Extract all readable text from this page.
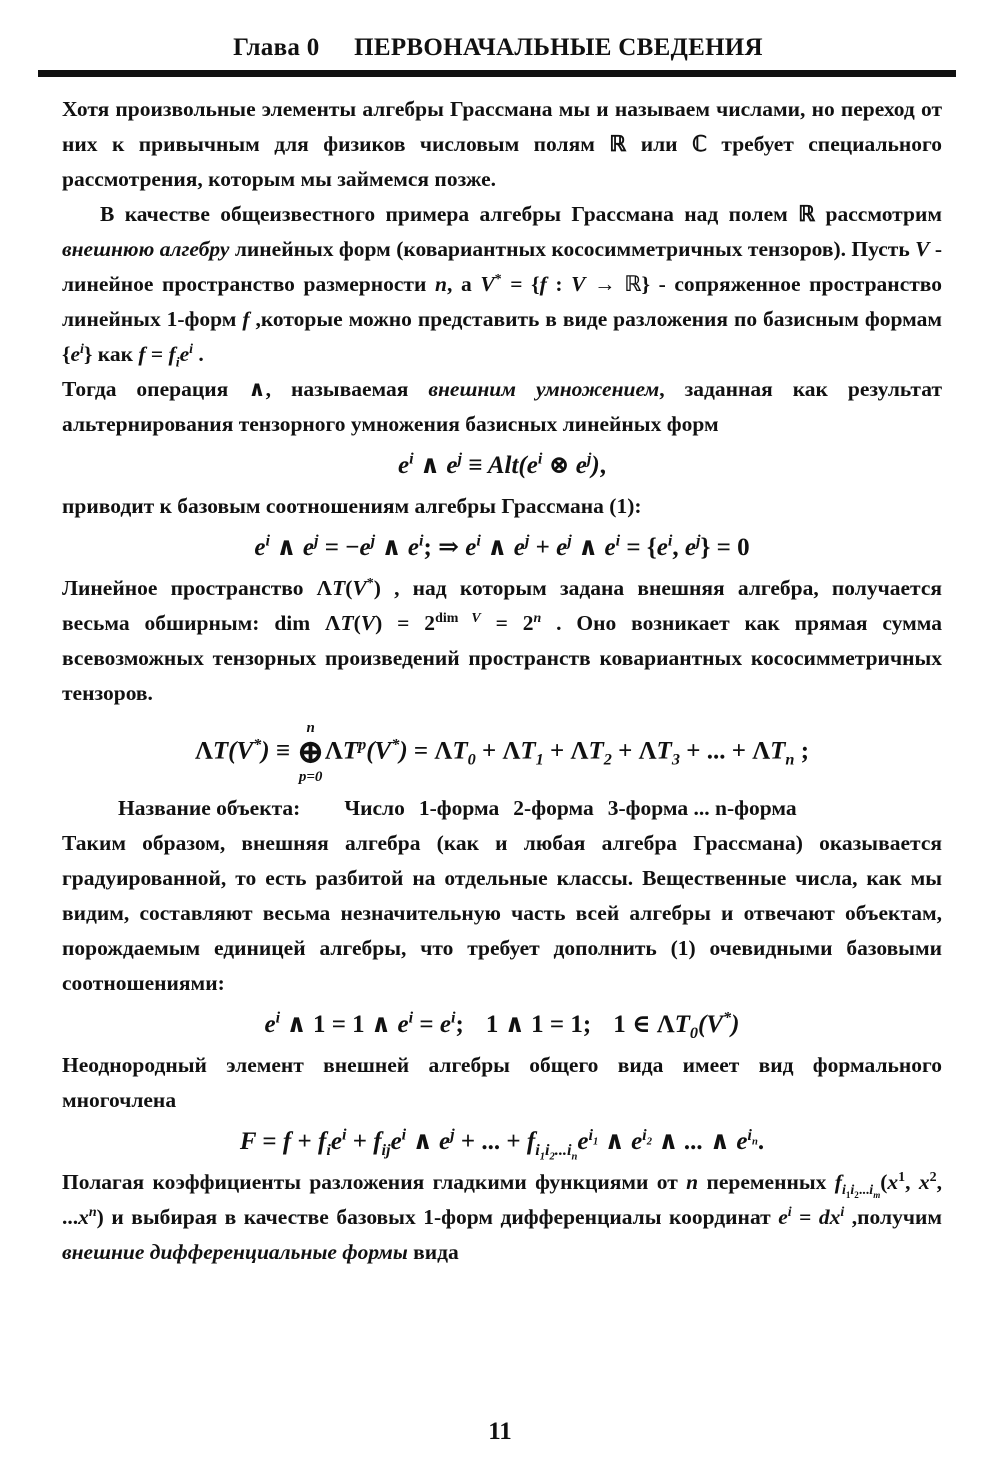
Глава 0 ПЕРВОНАЧАЛЬНЫЕ СВЕДЕНИЯ

Хотя произвольные элементы алгебры Грассмана мы и называем числами, но переход от них к привычным для физиков числовым полям ℝ или ℂ требует специального рассмотрения, которым мы займемся позже.

В качестве общеизвестного примера алгебры Грассмана над полем ℝ рассмотрим внешнюю алгебру линейных форм (ковариантных кососимметричных тензоров). Пусть V - линейное пространство размерности n, а V* = {f : V → ℝ} - сопряженное пространство линейных 1-форм f ,которые можно представить в виде разложения по базисным формам $\{e^i\}$ как $f = f_ie^i$ .

Тогда операция ∧, называемая внешним умножением, заданная как результат альтернирования тензорного умножения базисных линейных форм

$e^i$ ∧ $e^j \equiv Alt(e^i$ ⊗ $e^j$),

приводит к базовым соотношениям алгебры Грассмана (1):

$e^i$ ∧ $e^j = -e^j$ ∧ $e^i$; ⇒ $e^i$ ∧ $e^j + e^j$ ∧ $e^i = \{e^i$, $e^j\} = 0$

Линейное пространство ΛT(V*) , над которым задана внешняя алгебра, получается весьма обширным: dim $\Lambda T(V) = 2^{dim V} = 2^n$ . Оно возникает как прямая сумма всевозможных тензорных произведений пространств ковариантных кососимметричных тензоров.

ΛT(V*) ≡
n
⊕
p=0
$\Lambda T^p(V^*) = \Lambda T_0 + \Lambda T_1 + \Lambda T_2 + \Lambda T_3$ + ... + $\Lambda T_n$ ;
Название объекта: Число 1-форма 2-форма 3-форма ... n-форма

Таким образом, внешняя алгебра (как и любая алгебра Грассмана) оказывается градуированной, то есть разбитой на отдельные классы. Вещественные числа, как мы видим, составляют весьма незначительную часть всей алгебры и отвечают объектам, порождаемым единицей алгебры, что требует дополнить (1) очевидными базовыми соотношениями:

$e^i$ ∧ 1 = 1 ∧ $e^i = e^i$; 1 ∧ 1 = 1; 1 ∈ $\Lambda T_0(V^*)$

Неоднородный элемент внешней алгебры общего вида имеет вид формального многочлена

$F = f + f_ie^i + f_{ij}e^i$ ∧ $e^j$ + ... + $f_{i_1i_2...i_n}e^{i_1}$ ∧ $e^{i_2}$ ∧ ... ∧ $e^{i_n}$.

Полагая коэффициенты разложения гладкими функциями от n переменных $f_{i_1i_2...i_m}(x^1$, $x^2$, $...x^n$) и выбирая в качестве базовых 1-форм дифференциалы координат $e^i = dx^i$ ,получим внешние дифференциальные формы вида

11
